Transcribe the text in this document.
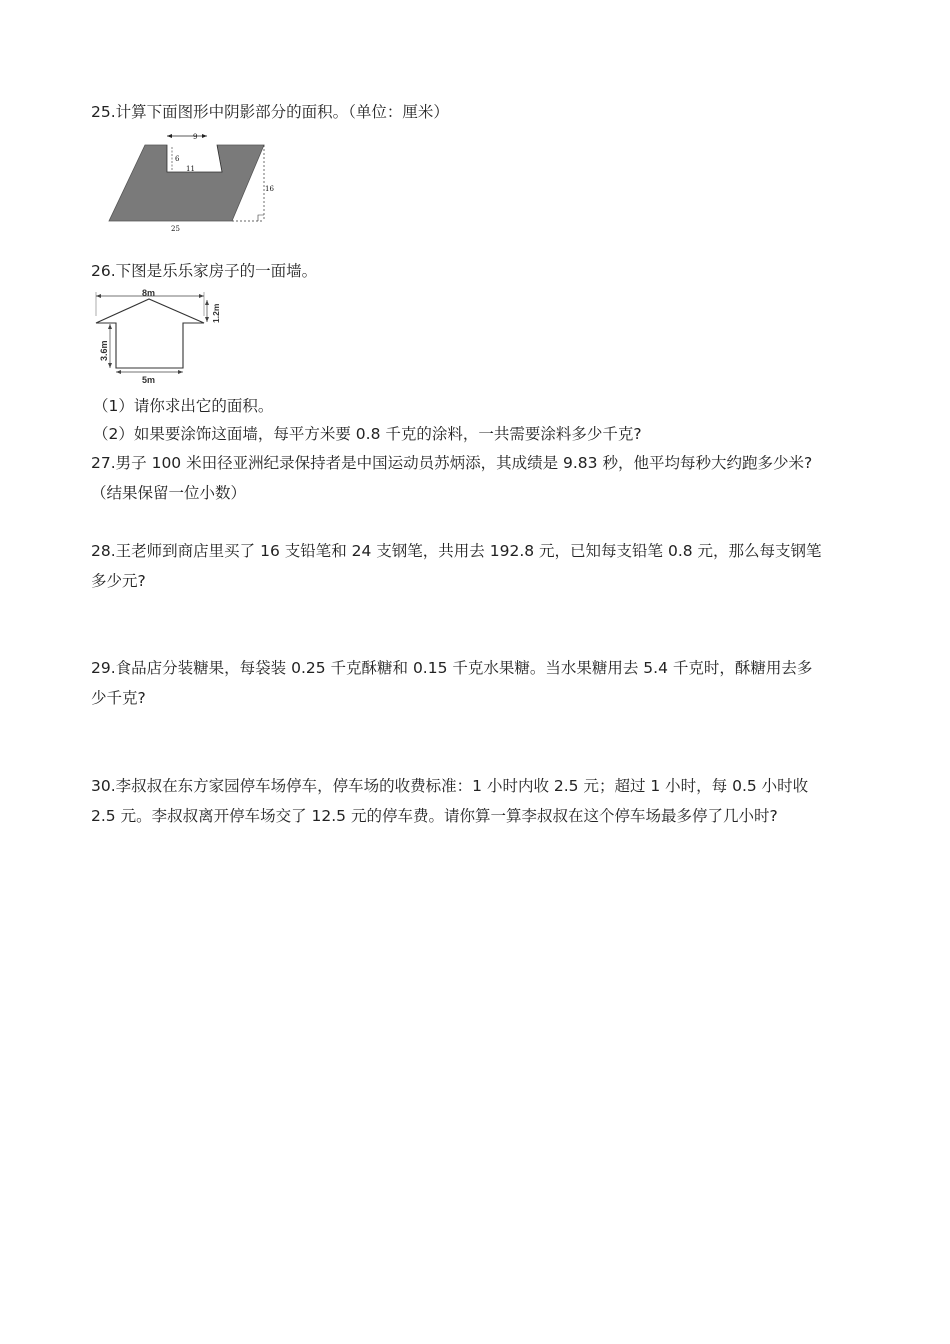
25.计算下面图形中阴影部分的面积。（单位：厘米）
9
6
11
16
25
26.下图是乐乐家房子的一面墙。
8m
1.2m
3.6m
5m
（1）请你求出它的面积。
（2）如果要涂饰这面墙，每平方米要 0.8 千克的涂料，一共需要涂料多少千克?
27.男子 100 米田径亚洲纪录保持者是中国运动员苏炳添，其成绩是 9.83 秒，他平均每秒大约跑多少米?
（结果保留一位小数）
28.王老师到商店里买了 16 支铅笔和 24 支钢笔，共用去 192.8 元，已知每支铅笔 0.8 元，那么每支钢笔
多少元?
29.食品店分装糖果，每袋装 0.25 千克酥糖和 0.15 千克水果糖。当水果糖用去 5.4 千克时，酥糖用去多
少千克?
30.李叔叔在东方家园停车场停车，停车场的收费标准：1 小时内收 2.5 元；超过 1 小时，每 0.5 小时收
2.5 元。李叔叔离开停车场交了 12.5 元的停车费。请你算一算李叔叔在这个停车场最多停了几小时?
